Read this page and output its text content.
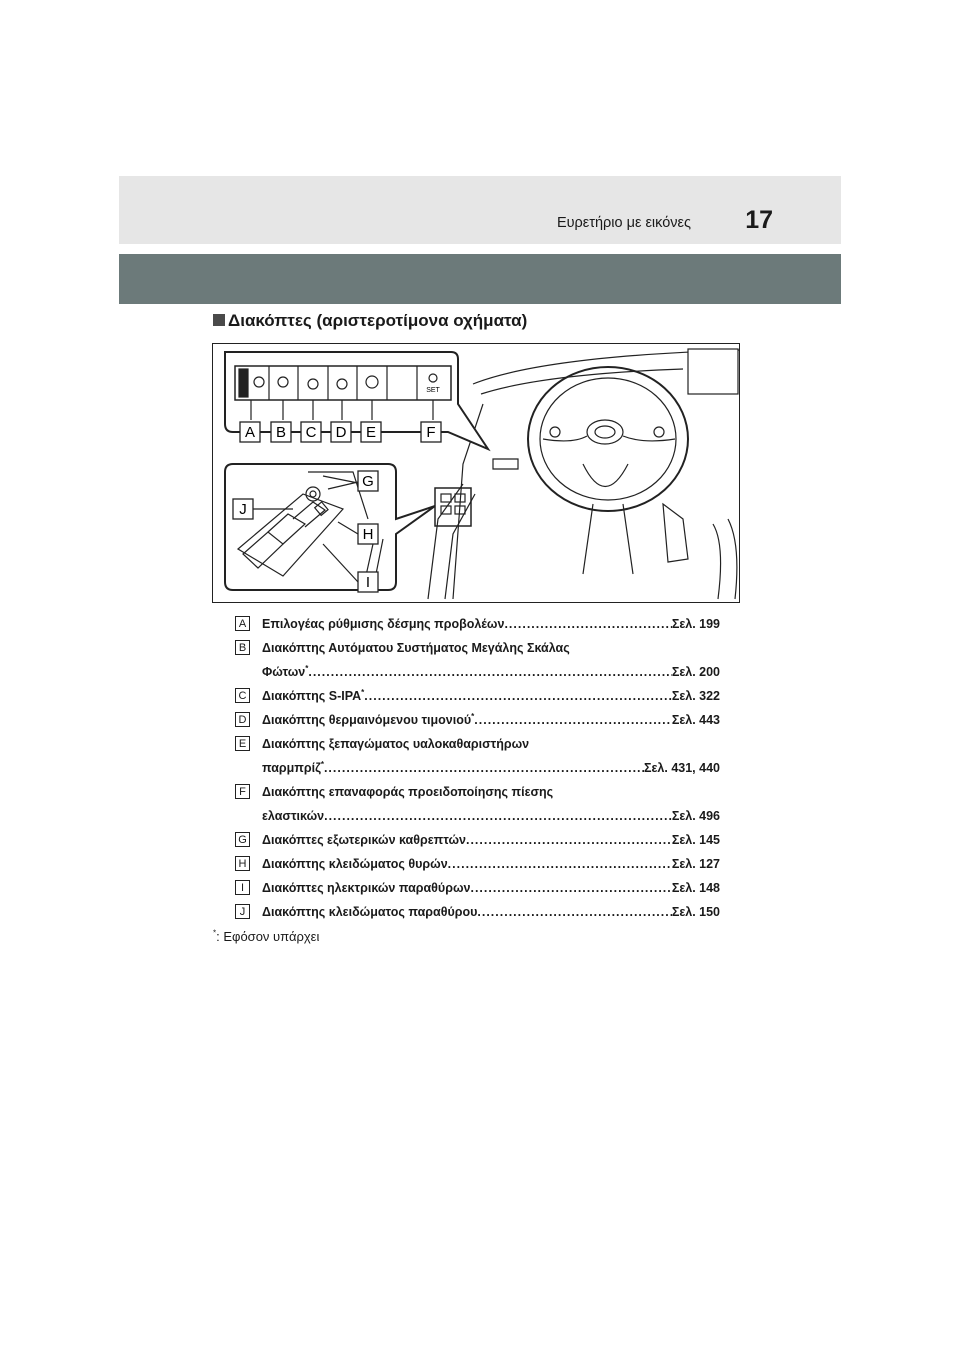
Ευρετήριο με εικόνες 17
Διακόπτες (αριστεροτίμονα οχήματα)
A B C D E	F
G
H
I
J
SET
A	Επιλογέας ρύθμισης δέσμης προβολέων .....	Σελ. 199
B	Διακόπτης Αυτόματου Συστήματος Μεγάλης Σκάλας
Φώτων* .....	Σελ. 200
C Διακόπτης S-IPA* .....	Σελ. 322
D Διακόπτης θερμαινόμενου τιμονιού* .....	Σελ. 443
E	Διακόπτης ξεπαγώματος υαλοκαθαριστήρων
παρμπρίζ* .....	Σελ. 431, 440
F	Διακόπτης επαναφοράς προειδοποίησης πίεσης
ελαστικών .....	Σελ. 496
G Διακόπτες εξωτερικών καθρεπτών .....	Σελ. 145
H Διακόπτης κλειδώματος θυρών .....	Σελ. 127
I	Διακόπτες ηλεκτρικών παραθύρων .....	Σελ. 148
J	Διακόπτης κλειδώματος παραθύρου .....	Σελ. 150
*: Εφόσον υπάρχει
